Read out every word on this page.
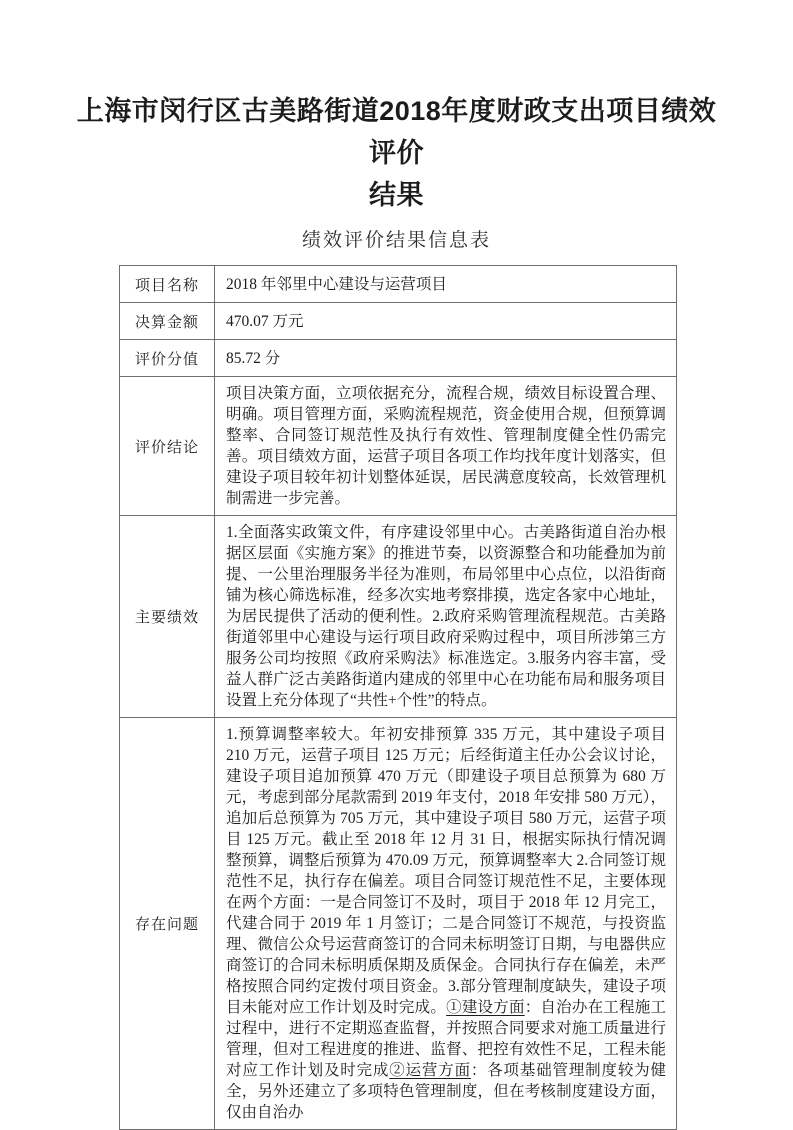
上海市闵行区古美路街道2018年度财政支出项目绩效评价
结果
绩效评价结果信息表
项目名称	2018 年邻里中心建设与运营项目
决算金额	470.07 万元
评价分值	85.72 分
评价结论	项目决策方面，立项依据充分，流程合规，绩效目标设置合理、明确。项目管理方面，采购流程规范，资金使用合规，但预算调整率、合同签订规范性及执行有效性、管理制度健全性仍需完善。项目绩效方面，运营子项目各项工作均找年度计划落实，但建设子项目较年初计划整体延误，居民满意度较高，长效管理机制需进一步完善。
主要绩效	1.全面落实政策文件，有序建设邻里中心。古美路街道自治办根据区层面《实施方案》的推进节奏，以资源整合和功能叠加为前提、一公里治理服务半径为准则，布局邻里中心点位，以沿街商铺为核心筛选标准，经多次实地考察排摸，选定各家中心地址，为居民提供了活动的便利性。2.政府采购管理流程规范。古美路街道邻里中心建设与运行项目政府采购过程中，项目所涉第三方服务公司均按照《政府采购法》标准选定。3.服务内容丰富，受益人群广泛古美路街道内建成的邻里中心在功能布局和服务项目设置上充分体现了“共性+个性”的特点。
存在问题	1.预算调整率较大。年初安排预算 335 万元，其中建设子项目 210 万元，运营子项目 125 万元；后经街道主任办公会议讨论，建设子项目追加预算 470 万元（即建设子项目总预算为 680 万元，考虑到部分尾款需到 2019 年支付，2018 年安排 580 万元），追加后总预算为 705 万元，其中建设子项目 580 万元，运营子项目 125 万元。截止至 2018 年 12 月 31 日，根据实际执行情况调整预算，调整后预算为 470.09 万元，预算调整率大 2.合同签订规范性不足，执行存在偏差。项目合同签订规范性不足，主要体现在两个方面：一是合同签订不及时，项目于 2018 年 12 月完工，代建合同于 2019 年 1 月签订；二是合同签订不规范，与投资监理、微信公众号运营商签订的合同未标明签订日期，与电器供应商签订的合同未标明质保期及质保金。合同执行存在偏差，未严格按照合同约定拨付项目资金。3.部分管理制度缺失，建设子项目未能对应工作计划及时完成。①建设方面：自治办在工程施工过程中，进行不定期巡查监督，并按照合同要求对施工质量进行管理，但对工程进度的推进、监督、把控有效性不足，工程未能对应工作计划及时完成②运营方面：各项基础管理制度较为健全，另外还建立了多项特色管理制度，但在考核制度建设方面，仅由自治办
